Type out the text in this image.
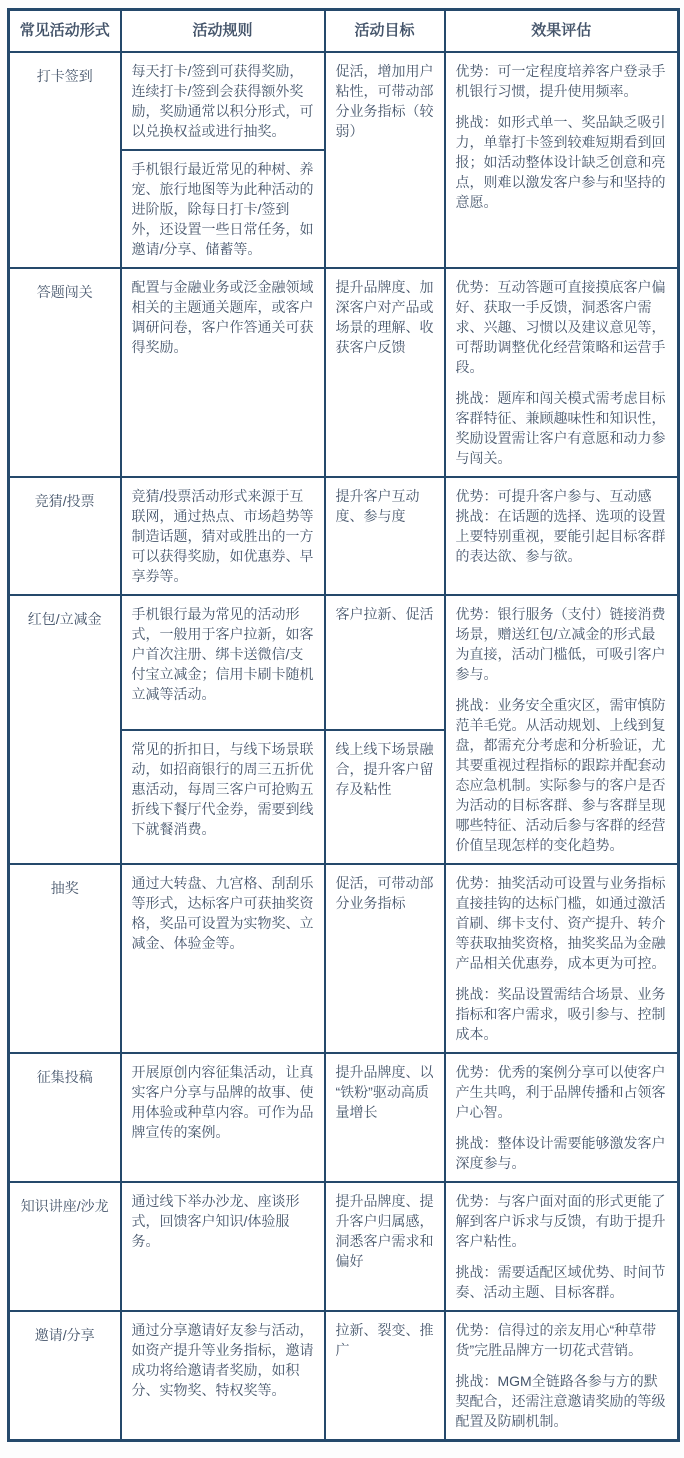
常见活动形式	活动规则	活动目标	效果评估
打卡签到	每天打卡/签到可获得奖励，连续打卡/签到会获得额外奖励，奖励通常以积分形式，可以兑换权益或进行抽奖。	促活，增加用户粘性，可带动部分业务指标（较弱）	优势：可一定程度培养客户登录手机银行习惯，提升使用频率。

挑战：如形式单一、奖品缺乏吸引力，单靠打卡签到较难短期看到回报；如活动整体设计缺乏创意和亮点，则难以激发客户参与和坚持的意愿。

	手机银行最近常见的种树、养宠、旅行地图等为此种活动的进阶版，除每日打卡/签到外，还设置一些日常任务，如邀请/分享、储蓄等。		

答题闯关	配置与金融业务或泛金融领域相关的主题通关题库，或客户调研问卷，客户作答通关可获得奖励。	提升品牌度、加深客户对产品或场景的理解、收获客户反馈	优势：互动答题可直接摸底客户偏好、获取一手反馈，洞悉客户需求、兴趣、习惯以及建议意见等，可帮助调整优化经营策略和运营手段。

挑战：题库和闯关模式需考虑目标客群特征、兼顾趣味性和知识性，奖励设置需让客户有意愿和动力参与闯关。

竞猜/投票	竞猜/投票活动形式来源于互联网，通过热点、市场趋势等制造话题，猜对或胜出的一方可以获得奖励，如优惠券、早享券等。	提升客户互动度、参与度	优势：可提升客户参与、互动感

挑战：在话题的选择、选项的设置上要特别重视，要能引起目标客群的表达欲、参与欲。

红包/立减金	手机银行最为常见的活动形式，一般用于客户拉新，如客户首次注册、绑卡送微信/支付宝立减金；信用卡刷卡随机立减等活动。	客户拉新、促活	优势：银行服务（支付）链接消费场景，赠送红包/立减金的形式最为直接，活动门槛低，可吸引客户参与。

挑战：业务安全重灾区，需审慎防范羊毛党。从活动规划、上线到复盘，都需充分考虑和分析验证，尤其要重视过程指标的跟踪并配套动态应急机制。实际参与的客户是否为活动的目标客群、参与客群呈现哪些特征、活动后参与客群的经营价值呈现怎样的变化趋势。

	常见的折扣日，与线下场景联动，如招商银行的周三五折优惠活动，每周三客户可抢购五折线下餐厅代金券，需要到线下就餐消费。	线上线下场景融合，提升客户留存及粘性	

抽奖	通过大转盘、九宫格、刮刮乐等形式，达标客户可获抽奖资格，奖品可设置为实物奖、立减金、体验金等。	促活，可带动部分业务指标	优势：抽奖活动可设置与业务指标直接挂钩的达标门槛，如通过激活首刷、绑卡支付、资产提升、转介等获取抽奖资格，抽奖奖品为金融产品相关优惠券，成本更为可控。

挑战：奖品设置需结合场景、业务指标和客户需求，吸引参与、控制成本。

征集投稿	开展原创内容征集活动，让真实客户分享与品牌的故事、使用体验或种草内容。可作为品牌宣传的案例。	提升品牌度、以“铁粉”驱动高质量增长	优势：优秀的案例分享可以使客户产生共鸣，利于品牌传播和占领客户心智。

挑战：整体设计需要能够激发客户深度参与。

知识讲座/沙龙	通过线下举办沙龙、座谈形式，回馈客户知识/体验服务。	提升品牌度、提升客户归属感，洞悉客户需求和偏好	优势：与客户面对面的形式更能了解到客户诉求与反馈，有助于提升客户粘性。

挑战：需要适配区域优势、时间节奏、活动主题、目标客群。

邀请/分享	通过分享邀请好友参与活动，如资产提升等业务指标，邀请成功将给邀请者奖励，如积分、实物奖、特权奖等。	拉新、裂变、推广	优势：信得过的亲友用心“种草带货”完胜品牌方一切花式营销。

挑战：MGM全链路各参与方的默契配合，还需注意邀请奖励的等级配置及防刷机制。
